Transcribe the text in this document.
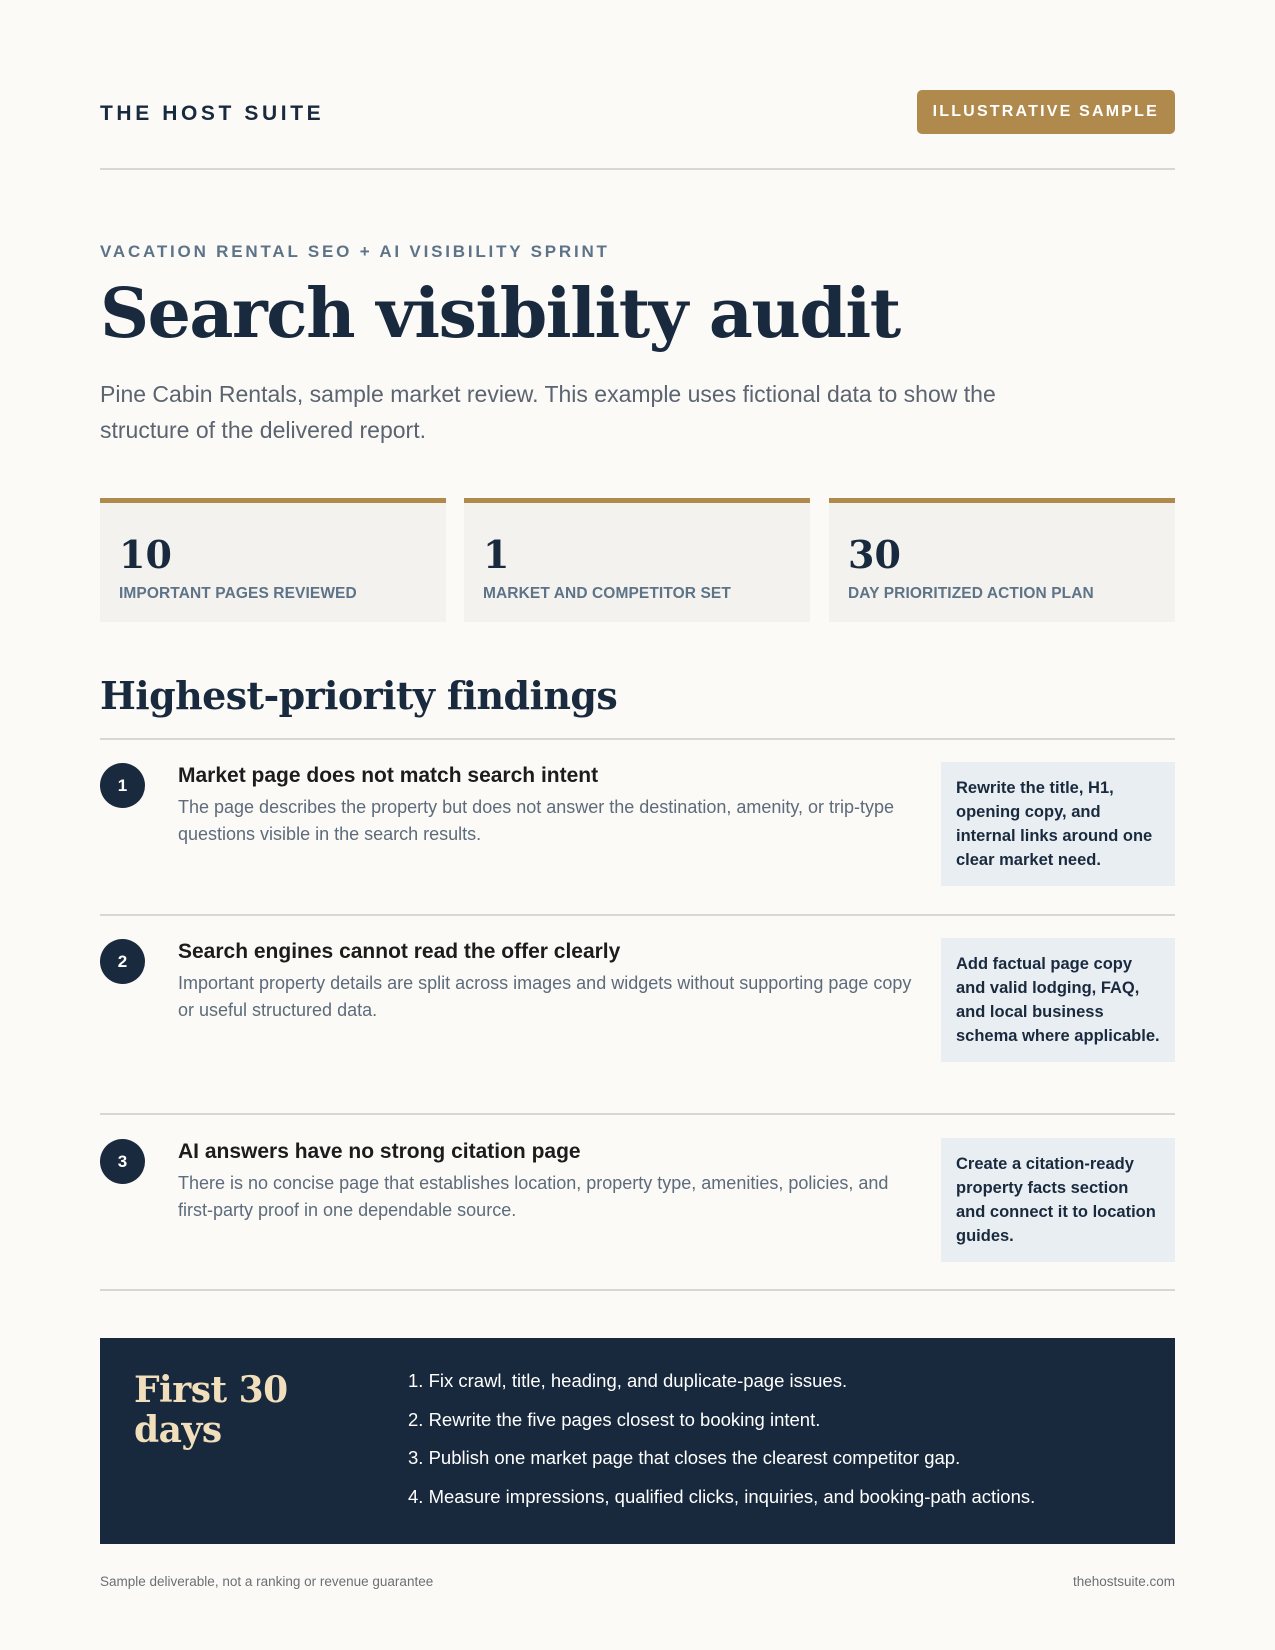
THE HOST SUITE	ILLUSTRATIVE SAMPLE
VACATION RENTAL SEO + AI VISIBILITY SPRINT
Search visibility audit

Pine Cabin Rentals, sample market review. This example uses fictional data to show the structure of the delivered report.

10
IMPORTANT PAGES REVIEWED
1
MARKET AND COMPETITOR SET
30
DAY PRIORITIZED ACTION PLAN
Highest-priority findings
1	Market page does not match search intent
The page describes the property but does not answer the destination, amenity, or trip-type questions visible in the search results.
Rewrite the title, H1, opening copy, and internal links around one clear market need.
2	Search engines cannot read the offer clearly
Important property details are split across images and widgets without supporting page copy or useful structured data.
Add factual page copy and valid lodging, FAQ, and local business schema where applicable.
3	AI answers have no strong citation page
There is no concise page that establishes location, property type, amenities, policies, and first-party proof in one dependable source.
Create a citation-ready property facts section and connect it to location guides.
First 30 days
1. Fix crawl, title, heading, and duplicate-page issues.
2. Rewrite the five pages closest to booking intent.
3. Publish one market page that closes the clearest competitor gap.
4. Measure impressions, qualified clicks, inquiries, and booking-path actions.
Sample deliverable, not a ranking or revenue guarantee	thehostsuite.com
